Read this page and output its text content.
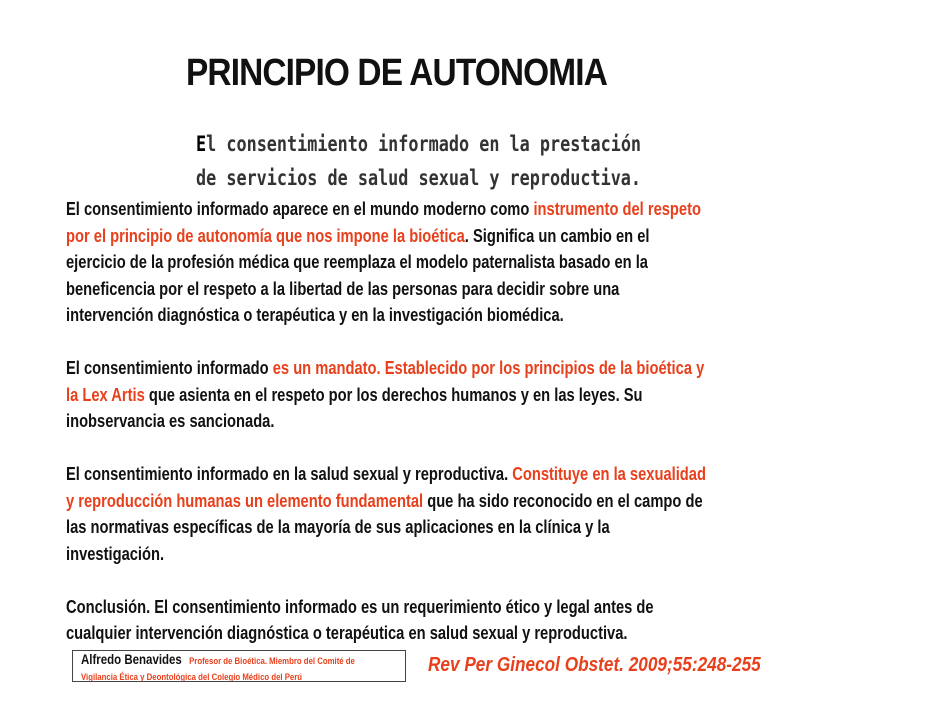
PRINCIPIO DE AUTONOMIA
El consentimiento informado en la prestación
de servicios de salud sexual y reproductiva.

El consentimiento informado aparece en el mundo moderno como instrumento del respeto
por el principio de autonomía que nos impone la bioética. Significa un cambio en el
ejercicio de la profesión médica que reemplaza el modelo paternalista basado en la
beneficencia por el respeto a la libertad de las personas para decidir sobre una
intervención diagnóstica o terapéutica y en la investigación biomédica.

El consentimiento informado es un mandato. Establecido por los principios de la bioética y
la Lex Artis que asienta en el respeto por los derechos humanos y en las leyes. Su
inobservancia es sancionada.

El consentimiento informado en la salud sexual y reproductiva. Constituye en la sexualidad
y reproducción humanas un elemento fundamental que ha sido reconocido en el campo de
las normativas específicas de la mayoría de sus aplicaciones en la clínica y la
investigación.

Conclusión. El consentimiento informado es un requerimiento ético y legal antes de
cualquier intervención diagnóstica o terapéutica en salud sexual y reproductiva.

Alfredo Benavides Profesor de Bioética. Miembro del Comité de
Vigilancia Ética y Deontológica del Colegio Médico del Perú
Rev Per Ginecol Obstet. 2009;55:248-255
